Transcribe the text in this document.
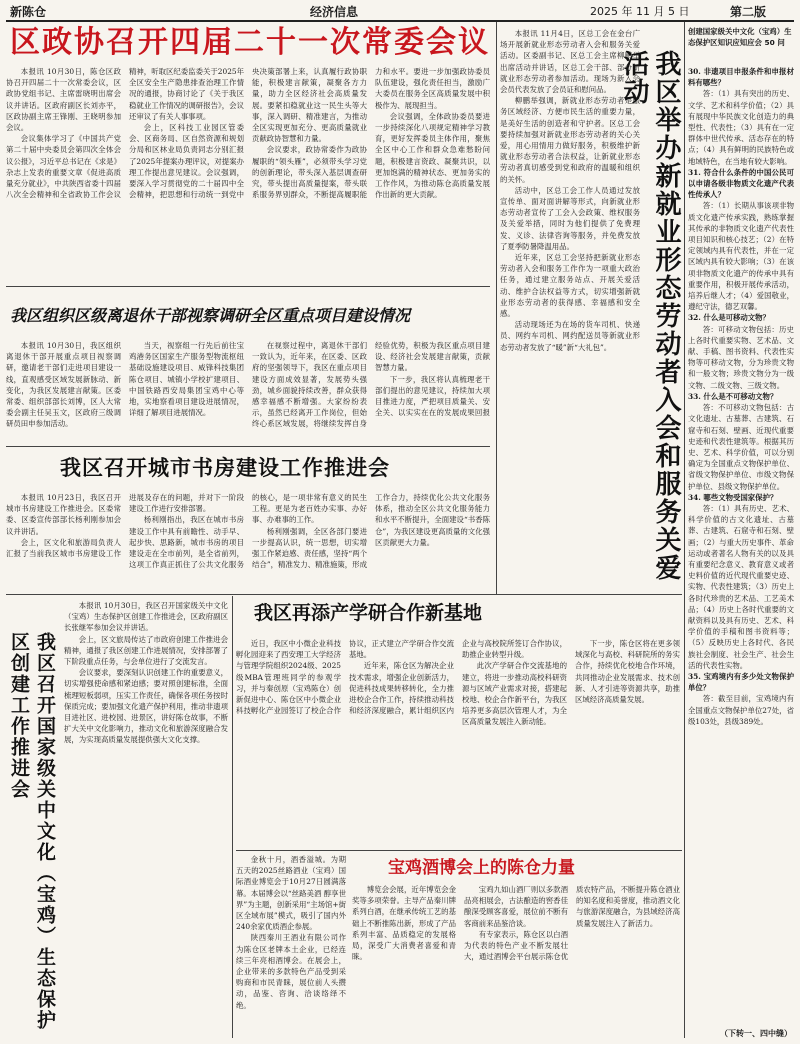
新陈仓	经济信息	2025 年 11 月 5 日	第二版
区政协召开四届二十一次常委会议

本报讯 10月30日，陈仓区政协召开四届二十一次常委会议，区政协党组书记、主席雷晓明出席会议并讲话。区政府副区长刘亦平，区政协副主席王锋刚、王晓明参加会议。

会议集体学习了《中国共产党第二十届中央委员会第四次全体会议公报》，习近平总书记在《求是》杂志上发表的重要文章《促进高质量充分就业》，中共陕西省委十四届八次全会精神和全省政协工作会议精神，听取区纪委监委关于2025年全区安全生产隐患排查治理工作情况的通报，协商讨论了《关于我区稳就业工作情况的调研报告》，会议还审议了有关人事事项。

会上，区科技工业园区管委会、区商务局、区自然资源和规划分局和区林业局负责同志分别汇报了2025年提案办理评议，对提案办理工作提出意见建议。会议强调，要深入学习贯彻党的二十届四中全会精神，把思想和行动统一到党中央决策部署上来，认真履行政协职能，积极建言献策，凝聚各方力量，助力全区经济社会高质量发展。要紧扣稳就业这一民生头等大事，深入调研、精准建言，为推动全区实现更加充分、更高质量就业贡献政协智慧和力量。

会议要求，政协常委作为政协履职的“领头雁”，必须带头学习党的创新理论，带头深入基层调查研究，带头提出高质量提案，带头联系服务界别群众，不断提高履职能力和水平。要进一步加强政协委员队伍建设，强化责任担当，激励广大委员在服务全区高质量发展中积极作为、展现担当。

会议强调，全体政协委员要进一步持续深化八项规定精神学习教育，更好发挥委员主体作用，聚焦全区中心工作和群众急难愁盼问题，积极建言资政、凝聚共识，以更加饱满的精神状态、更加务实的工作作风，为推动陈仓高质量发展作出新的更大贡献。

我区组织区级离退休干部视察调研全区重点项目建设情况

本报讯 10月30日，我区组织离退休干部开展重点项目视察调研，邀请老干部们走进项目建设一线，直观感受区域发展新脉动、新变化，为我区发展建言献策。区委常委、组织部部长刘博，区人大常委会副主任吴玉文，区政府三级调研员田申参加活动。

当天，视察组一行先后前往宝鸡港务区国家生产服务型物流枢纽基础设施建设项目、威锋科技集团陈仓项目、城镇小学校扩建项目、中国铁路西安局集团宝鸡中心等地，实地察看项目建设进展情况，详细了解项目进展情况。

在视察过程中，离退休干部们一致认为，近年来，在区委、区政府的坚强领导下，我区在重点项目建设方面成效显著，发展势头强劲，城乡面貌持续改善，群众获得感幸福感不断增强。大家纷纷表示，虽然已经离开工作岗位，但始终心系区域发展，将继续发挥自身经验优势，积极为我区重点项目建设、经济社会发展建言献策，贡献智慧力量。

下一步，我区将认真梳理老干部们提出的意见建议，持续加大项目推进力度，严把项目质量关、安全关、以实实在在的发展成果回报

我区召开城市书房建设工作推进会

本报讯 10月23日，我区召开城市书房建设工作推进会。区委常委、区委宣传部部长杨利刚参加会议并讲话。

会上，区文化和旅游局负责人汇报了当前我区城市书房建设工作进展及存在的问题，并对下一阶段建设工作进行安排部署。

杨利刚指出，我区在城市书房建设工作中具有前瞻性、动手早、起步快、思路新，城市书房的项目建设走在全市前列，是全省前列，这项工作真正抓住了公共文化服务的核心，是一项非常有意义的民生工程。更是为老百姓办实事、办好事、办难事的工作。

杨利刚强调，全区各部门要进一步提高认识，统一思想，切实增强工作紧迫感、责任感，坚持“两个结合”，精准发力、精准施策，形成工作合力，持续优化公共文化服务体系，推动全区公共文化服务能力和水平不断提升，全面建设“书香陈仓”，为我区建设更高质量的文化强区贡献更大力量。

本报讯 11月4日，区总工会在金台广场开展新就业形态劳动者入会和服务关爱活动。区委副书记、区总工会主席柳鹏举出席活动并讲话，区总工会干部、部分新就业形态劳动者参加活动。现场为新入会会员代表发放了会员证和慰问品。

柳鹏举强调，新就业形态劳动者是服务区域经济、方便市民生活的重要力量，是美好生活的创造者和守护者。区总工会要持续加强对新就业形态劳动者的关心关爱，用心用情用力做好服务，积极维护新就业形态劳动者合法权益，让新就业形态劳动者真切感受到党和政府的温暖和组织的关怀。

活动中，区总工会工作人员通过发放宣传单、面对面讲解等形式，向新就业形态劳动者宣传了工会入会政策、维权服务及关爱举措，同时为他们提供了免费理发、义诊、法律咨询等服务，并免费发放了夏季防暑降温用品。

近年来，区总工会坚持把新就业形态劳动者入会和服务工作作为一项重大政治任务，通过建立服务站点、开展关爱活动、维护合法权益等方式，切实增强新就业形态劳动者的获得感、幸福感和安全感。

活动现场还为在场的货车司机、快递员、网约车司机、网约配送员等新就业形态劳动者发放了“暖”新“大礼包”。	我区举办新就业形态劳动者入会和服务关爱活动
创建国家级关中文化（宝鸡）生态保护区知识应知应会 50 问

30. 非遗项目申报条件和申报材料有哪些？

答：（1）具有突出的历史、文学、艺术和科学价值；（2）具有展现中华民族文化创造力的典型性、代表性；（3）具有在一定群体中世代传承、活态存在的特点；（4）具有鲜明的民族特色或地域特色，在当地有较大影响。

31. 符合什么条件的中国公民可以申请各级非物质文化遗产代表性传承人？

答：（1）长期从事该项非物质文化遗产传承实践，熟练掌握其传承的非物质文化遗产代表性项目知识和核心技艺；（2）在特定领域内具有代表性，并在一定区域内具有较大影响；（3）在该项非物质文化遗产的传承中具有重要作用，积极开展传承活动，培养后继人才；（4）爱国敬业，遵纪守法，德艺双馨。

32. 什么是可移动文物？

答：可移动文物包括：历史上各时代重要实物、艺术品、文献、手稿、图书资料、代表性实物等可移动文物，分为珍贵文物和一般文物；珍贵文物分为一级文物、二级文物、三级文物。

33. 什么是不可移动文物？

答：不可移动文物包括：古文化遗址、古墓葬、古建筑、石窟寺和石刻、壁画、近现代重要史迹和代表性建筑等。根据其历史、艺术、科学价值，可以分别确定为全国重点文物保护单位、省级文物保护单位、市级文物保护单位、县级文物保护单位。

34. 哪些文物受国家保护？

答：（1）具有历史、艺术、科学价值的古文化遗址、古墓葬、古建筑、石窟寺和石刻、壁画；（2）与重大历史事件、革命运动或者著名人物有关的以及具有重要纪念意义、教育意义或者史料价值的近代现代重要史迹、实物、代表性建筑；（3）历史上各时代珍贵的艺术品、工艺美术品；（4）历史上各时代重要的文献资料以及具有历史、艺术、科学价值的手稿和图书资料等；（5）反映历史上各时代、各民族社会制度、社会生产、社会生活的代表性实物。

35. 宝鸡境内有多少处文物保护单位？

答：截至目前，宝鸡境内有全国重点文物保护单位27处，省级103处，县级389处。

（下转一、四中缝）
我区召开国家级关中文化（宝鸡）生态保护区创建工作推进会

本报讯 10月30日，我区召开国家级关中文化（宝鸡）生态保护区创建工作推进会，区政府副区长张继军参加会议并讲话。

会上，区文旅局传达了市政府创建工作推进会精神，通报了我区创建工作进展情况，安排部署了下阶段重点任务，与会单位进行了交流发言。

会议要求，要深刻认识创建工作的重要意义，切实增强使命感和紧迫感；要对照创建标准，全面梳理短板弱项，压实工作责任，确保各项任务按时保质完成；要加强文化遗产保护利用，推动非遗项目进社区、进校园、进景区，讲好陈仓故事，不断扩大关中文化影响力，推动文化和旅游深度融合发展，为实现高质量发展提供强大文化支撑。

我区再添产学研合作新基地

近日，我区中小微企业科技孵化园迎来了西安理工大学经济与管理学院组织2024级、2025级MBA管理班同学的参观学习，并与秦创原（宝鸡陈仓）创新促进中心、陈仓区中小微企业科技孵化产业园签订了校企合作协议，正式建立产学研合作交流基地。

近年来，陈仓区为解决企业技术需求，增强企业创新活力，促进科技成果转移转化，全力推进校企合作工作，持续推动科技和经济深度融合，累计组织区内企业与高校院所签订合作协议，助推企业转型升级。

此次产学研合作交流基地的建立，将进一步推动高校科研资源与区域产业需求对接，搭建起校地、校企合作新平台，为我区培养更多高层次管理人才，为全区高质量发展注入新动能。

下一步，陈仓区将在更多领域深化与高校、科研院所的务实合作，持续优化校地合作环境，共同推动企业发展需求、技术创新、人才引进等资源共享，助推区域经济高质量发展。

金秋十月，酒香溢城。为期五天的2025丝路酒业（宝鸡）国际酒业博览会于10月27日圆满落幕。本届博会以“丝路美酒 醇享世界”为主题，创新采用“主场馆+街区全域布展”模式，吸引了国内外240余家优质酒企参展。

陕西秦川王酒业有限公司作为陈仓区老牌本土企业，已经连续三年亮相酒博会。在展会上，企业带来的多款特色产品受到采购商和市民青睐，展位前人头攒动，品鉴、咨询、洽谈络绎不绝。

宝鸡酒博会上的陈仓力量

博览会会展，近年博览会金奖等多项荣誉。主导产品秦川牌系列白酒，在继承传统工艺的基础上不断推陈出新，形成了产品系列丰富、品质稳定的发展格局，深受广大消费者喜爱和青睐。

宝鸡九如山酒厂则以多款酒品亮相展会，古法酿造的窖香佳酿深受顾客喜爱，展位前不断有客商前来品鉴洽谈。

有专家表示，陈仓区以白酒为代表的特色产业不断发展壮大，通过酒博会平台展示陈仓优质农特产品，不断提升陈仓酒业的知名度和美誉度，推动酒文化与旅游深度融合，为县域经济高质量发展注入了新活力。
